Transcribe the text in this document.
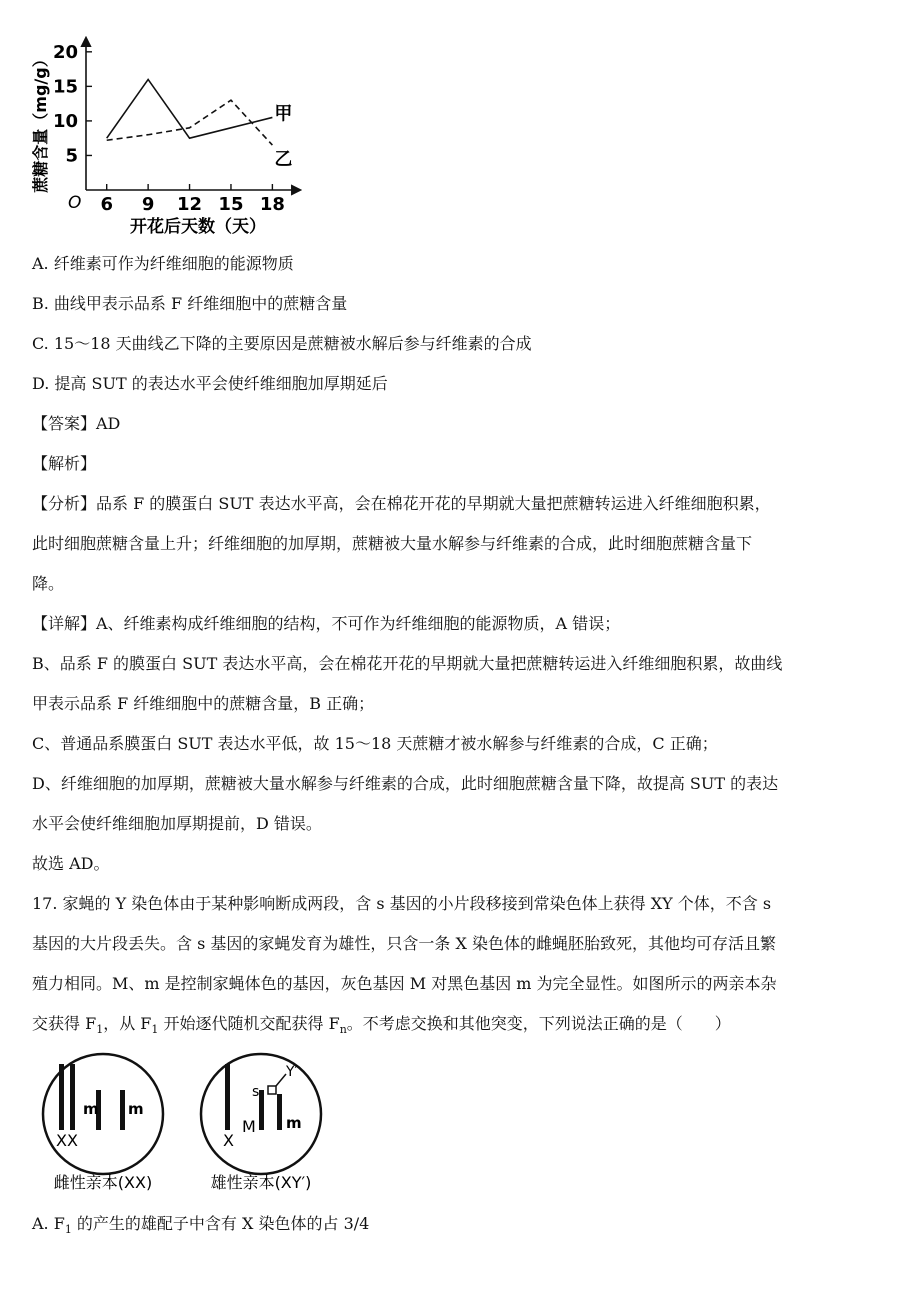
5
10
15
20
6 9 12 15 18
甲
乙
O
开花后天数（天）
蔗糖含量（mg/g）
A. 纤维素可作为纤维细胞的能源物质
B. 曲线甲表示品系 F 纤维细胞中的蔗糖含量
C. 15～18 天曲线乙下降的主要原因是蔗糖被水解后参与纤维素的合成
D. 提高 SUT 的表达水平会使纤维细胞加厚期延后
【答案】AD
【解析】
【分析】品系 F 的膜蛋白 SUT 表达水平高，会在棉花开花的早期就大量把蔗糖转运进入纤维细胞积累，
此时细胞蔗糖含量上升；纤维细胞的加厚期，蔗糖被大量水解参与纤维素的合成，此时细胞蔗糖含量下
降。
【详解】A、纤维素构成纤维细胞的结构，不可作为纤维细胞的能源物质，A 错误；
B、品系 F 的膜蛋白 SUT 表达水平高，会在棉花开花的早期就大量把蔗糖转运进入纤维细胞积累，故曲线
甲表示品系 F 纤维细胞中的蔗糖含量，B 正确；
C、普通品系膜蛋白 SUT 表达水平低，故 15～18 天蔗糖才被水解参与纤维素的合成，C 正确；
D、纤维细胞的加厚期，蔗糖被大量水解参与纤维素的合成，此时细胞蔗糖含量下降，故提高 SUT 的表达
水平会使纤维细胞加厚期提前，D 错误。
故选 AD。
17. 家蝇的 Y 染色体由于某种影响断成两段，含 s 基因的小片段移接到常染色体上获得 XY 个体，不含 s
基因的大片段丢失。含 s 基因的家蝇发育为雄性，只含一条 X 染色体的雌蝇胚胎致死，其他均可存活且繁
殖力相同。M、m 是控制家蝇体色的基因，灰色基因 M 对黑色基因 m 为完全显性。如图所示的两亲本杂
交获得 $F_1$，从 $F_1$ 开始逐代随机交配获得 $F_n$。不考虑交换和其他突变，下列说法正确的是（　　）
XX
m m
雌性亲本(XX)
X
s
Y′
M m
雄性亲本(XY′)
A. $F_1$ 的产生的雄配子中含有 X 染色体的占 3/4
